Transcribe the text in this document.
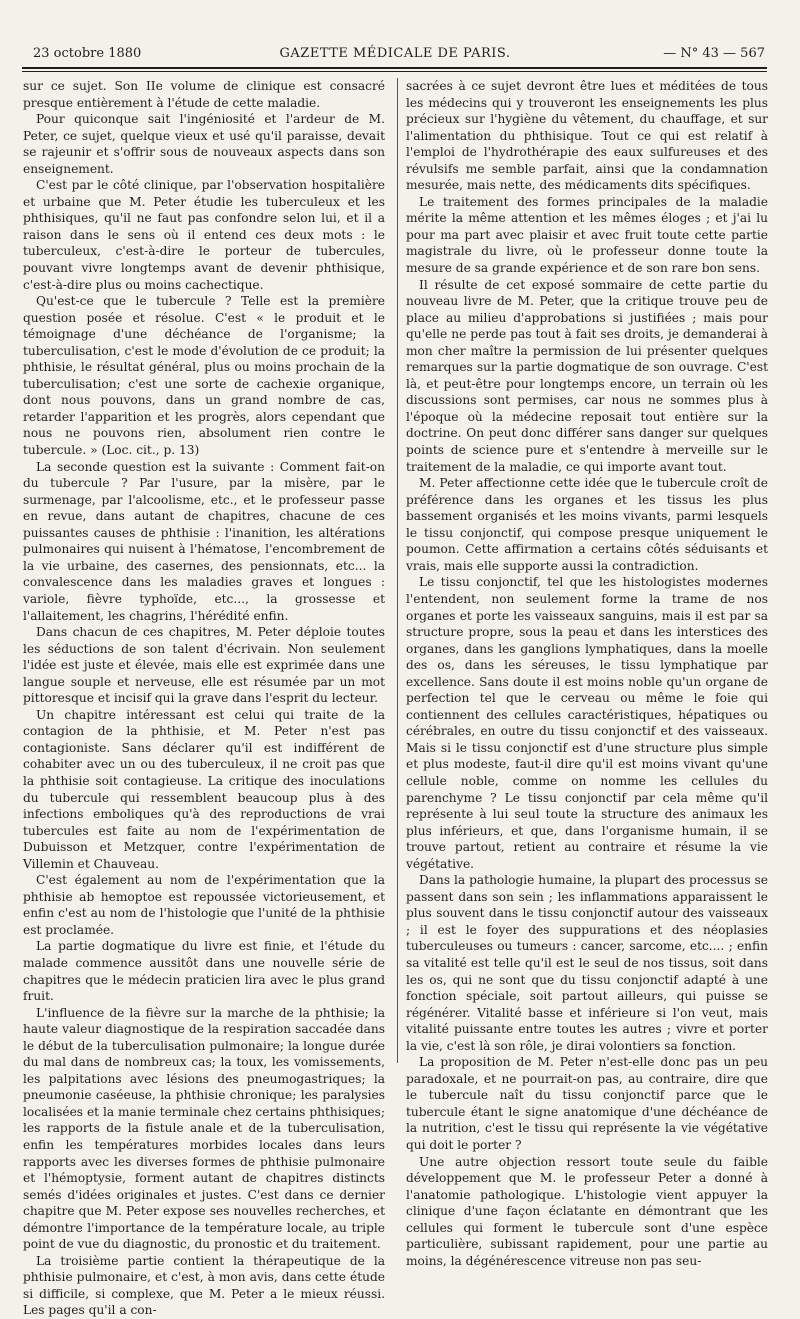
23 octobre 1880	GAZETTE MÉDICALE DE PARIS.	— N° 43 — 567

sur ce sujet. Son IIe volume de clinique est consacré presque entièrement à l'étude de cette maladie.

Pour quiconque sait l'ingéniosité et l'ardeur de M. Peter, ce sujet, quelque vieux et usé qu'il paraisse, devait se rajeunir et s'offrir sous de nouveaux aspects dans son enseignement.

C'est par le côté clinique, par l'observation hospitalière et urbaine que M. Peter étudie les tuberculeux et les phthisiques, qu'il ne faut pas confondre selon lui, et il a raison dans le sens où il entend ces deux mots : le tuberculeux, c'est-à-dire le porteur de tubercules, pouvant vivre longtemps avant de devenir phthisique, c'est-à-dire plus ou moins cachectique.

Qu'est-ce que le tubercule ? Telle est la première question posée et résolue. C'est « le produit et le témoignage d'une déchéance de l'organisme; la tuberculisation, c'est le mode d'évolution de ce produit; la phthisie, le résultat général, plus ou moins prochain de la tuberculisation; c'est une sorte de cachexie organique, dont nous pouvons, dans un grand nombre de cas, retarder l'apparition et les progrès, alors cependant que nous ne pouvons rien, absolument rien contre le tubercule. » (Loc. cit., p. 13)

La seconde question est la suivante : Comment fait-on du tubercule ? Par l'usure, par la misère, par le surmenage, par l'alcoolisme, etc., et le professeur passe en revue, dans autant de chapitres, chacune de ces puissantes causes de phthisie : l'inanition, les altérations pulmonaires qui nuisent à l'hématose, l'encombrement de la vie urbaine, des casernes, des pensionnats, etc... la convalescence dans les maladies graves et longues : variole, fièvre typhoïde, etc..., la grossesse et l'allaitement, les chagrins, l'hérédité enfin.

Dans chacun de ces chapitres, M. Peter déploie toutes les séductions de son talent d'écrivain. Non seulement l'idée est juste et élevée, mais elle est exprimée dans une langue souple et nerveuse, elle est résumée par un mot pittoresque et incisif qui la grave dans l'esprit du lecteur.

Un chapitre intéressant est celui qui traite de la contagion de la phthisie, et M. Peter n'est pas contagioniste. Sans déclarer qu'il est indifférent de cohabiter avec un ou des tuberculeux, il ne croit pas que la phthisie soit contagieuse. La critique des inoculations du tubercule qui ressemblent beaucoup plus à des infections emboliques qu'à des reproductions de vrai tubercules est faite au nom de l'expérimentation de Dubuisson et Metzquer, contre l'expérimentation de Villemin et Chauveau.

C'est également au nom de l'expérimentation que la phthisie ab hemoptoe est repoussée victorieusement, et enfin c'est au nom de l'histologie que l'unité de la phthisie est proclamée.

La partie dogmatique du livre est finie, et l'étude du malade commence aussitôt dans une nouvelle série de chapitres que le médecin praticien lira avec le plus grand fruit.

L'influence de la fièvre sur la marche de la phthisie; la haute valeur diagnostique de la respiration saccadée dans le début de la tuberculisation pulmonaire; la longue durée du mal dans de nombreux cas; la toux, les vomissements, les palpitations avec lésions des pneumogastriques; la pneumonie caséeuse, la phthisie chronique; les paralysies localisées et la manie terminale chez certains phthisiques; les rapports de la fistule anale et de la tuberculisation, enfin les températures morbides locales dans leurs rapports avec les diverses formes de phthisie pulmonaire et l'hémoptysie, forment autant de chapitres distincts semés d'idées originales et justes. C'est dans ce dernier chapitre que M. Peter expose ses nouvelles recherches, et démontre l'importance de la température locale, au triple point de vue du diagnostic, du pronostic et du traitement.

La troisième partie contient la thérapeutique de la phthisie pulmonaire, et c'est, à mon avis, dans cette étude si difficile, si complexe, que M. Peter a le mieux réussi. Les pages qu'il a con-

sacrées à ce sujet devront être lues et méditées de tous les médecins qui y trouveront les enseignements les plus précieux sur l'hygiène du vêtement, du chauffage, et sur l'alimentation du phthisique. Tout ce qui est relatif à l'emploi de l'hydrothérapie des eaux sulfureuses et des révulsifs me semble parfait, ainsi que la condamnation mesurée, mais nette, des médicaments dits spécifiques.

Le traitement des formes principales de la maladie mérite la même attention et les mêmes éloges ; et j'ai lu pour ma part avec plaisir et avec fruit toute cette partie magistrale du livre, où le professeur donne toute la mesure de sa grande expérience et de son rare bon sens.

Il résulte de cet exposé sommaire de cette partie du nouveau livre de M. Peter, que la critique trouve peu de place au milieu d'approbations si justifiées ; mais pour qu'elle ne perde pas tout à fait ses droits, je demanderai à mon cher maître la permission de lui présenter quelques remarques sur la partie dogmatique de son ouvrage. C'est là, et peut-être pour longtemps encore, un terrain où les discussions sont permises, car nous ne sommes plus à l'époque où la médecine reposait tout entière sur la doctrine. On peut donc différer sans danger sur quelques points de science pure et s'entendre à merveille sur le traitement de la maladie, ce qui importe avant tout.

M. Peter affectionne cette idée que le tubercule croît de préférence dans les organes et les tissus les plus bassement organisés et les moins vivants, parmi lesquels le tissu conjonctif, qui compose presque uniquement le poumon. Cette affirmation a certains côtés séduisants et vrais, mais elle supporte aussi la contradiction.

Le tissu conjonctif, tel que les histologistes modernes l'entendent, non seulement forme la trame de nos organes et porte les vaisseaux sanguins, mais il est par sa structure propre, sous la peau et dans les interstices des organes, dans les ganglions lymphatiques, dans la moelle des os, dans les séreuses, le tissu lymphatique par excellence. Sans doute il est moins noble qu'un organe de perfection tel que le cerveau ou même le foie qui contiennent des cellules caractéristiques, hépatiques ou cérébrales, en outre du tissu conjonctif et des vaisseaux. Mais si le tissu conjonctif est d'une structure plus simple et plus modeste, faut-il dire qu'il est moins vivant qu'une cellule noble, comme on nomme les cellules du parenchyme ? Le tissu conjonctif par cela même qu'il représente à lui seul toute la structure des animaux les plus inférieurs, et que, dans l'organisme humain, il se trouve partout, retient au contraire et résume la vie végétative.

Dans la pathologie humaine, la plupart des processus se passent dans son sein ; les inflammations apparaissent le plus souvent dans le tissu conjonctif autour des vaisseaux ; il est le foyer des suppurations et des néoplasies tuberculeuses ou tumeurs : cancer, sarcome, etc.... ; enfin sa vitalité est telle qu'il est le seul de nos tissus, soit dans les os, qui ne sont que du tissu conjonctif adapté à une fonction spéciale, soit partout ailleurs, qui puisse se régénérer. Vitalité basse et inférieure si l'on veut, mais vitalité puissante entre toutes les autres ; vivre et porter la vie, c'est là son rôle, je dirai volontiers sa fonction.

La proposition de M. Peter n'est-elle donc pas un peu paradoxale, et ne pourrait-on pas, au contraire, dire que le tubercule naît du tissu conjonctif parce que le tubercule étant le signe anatomique d'une déchéance de la nutrition, c'est le tissu qui représente la vie végétative qui doit le porter ?

Une autre objection ressort toute seule du faible développement que M. le professeur Peter a donné à l'anatomie pathologique. L'histologie vient appuyer la clinique d'une façon éclatante en démontrant que les cellules qui forment le tubercule sont d'une espèce particulière, subissant rapidement, pour une partie au moins, la dégénérescence vitreuse non pas seu-
